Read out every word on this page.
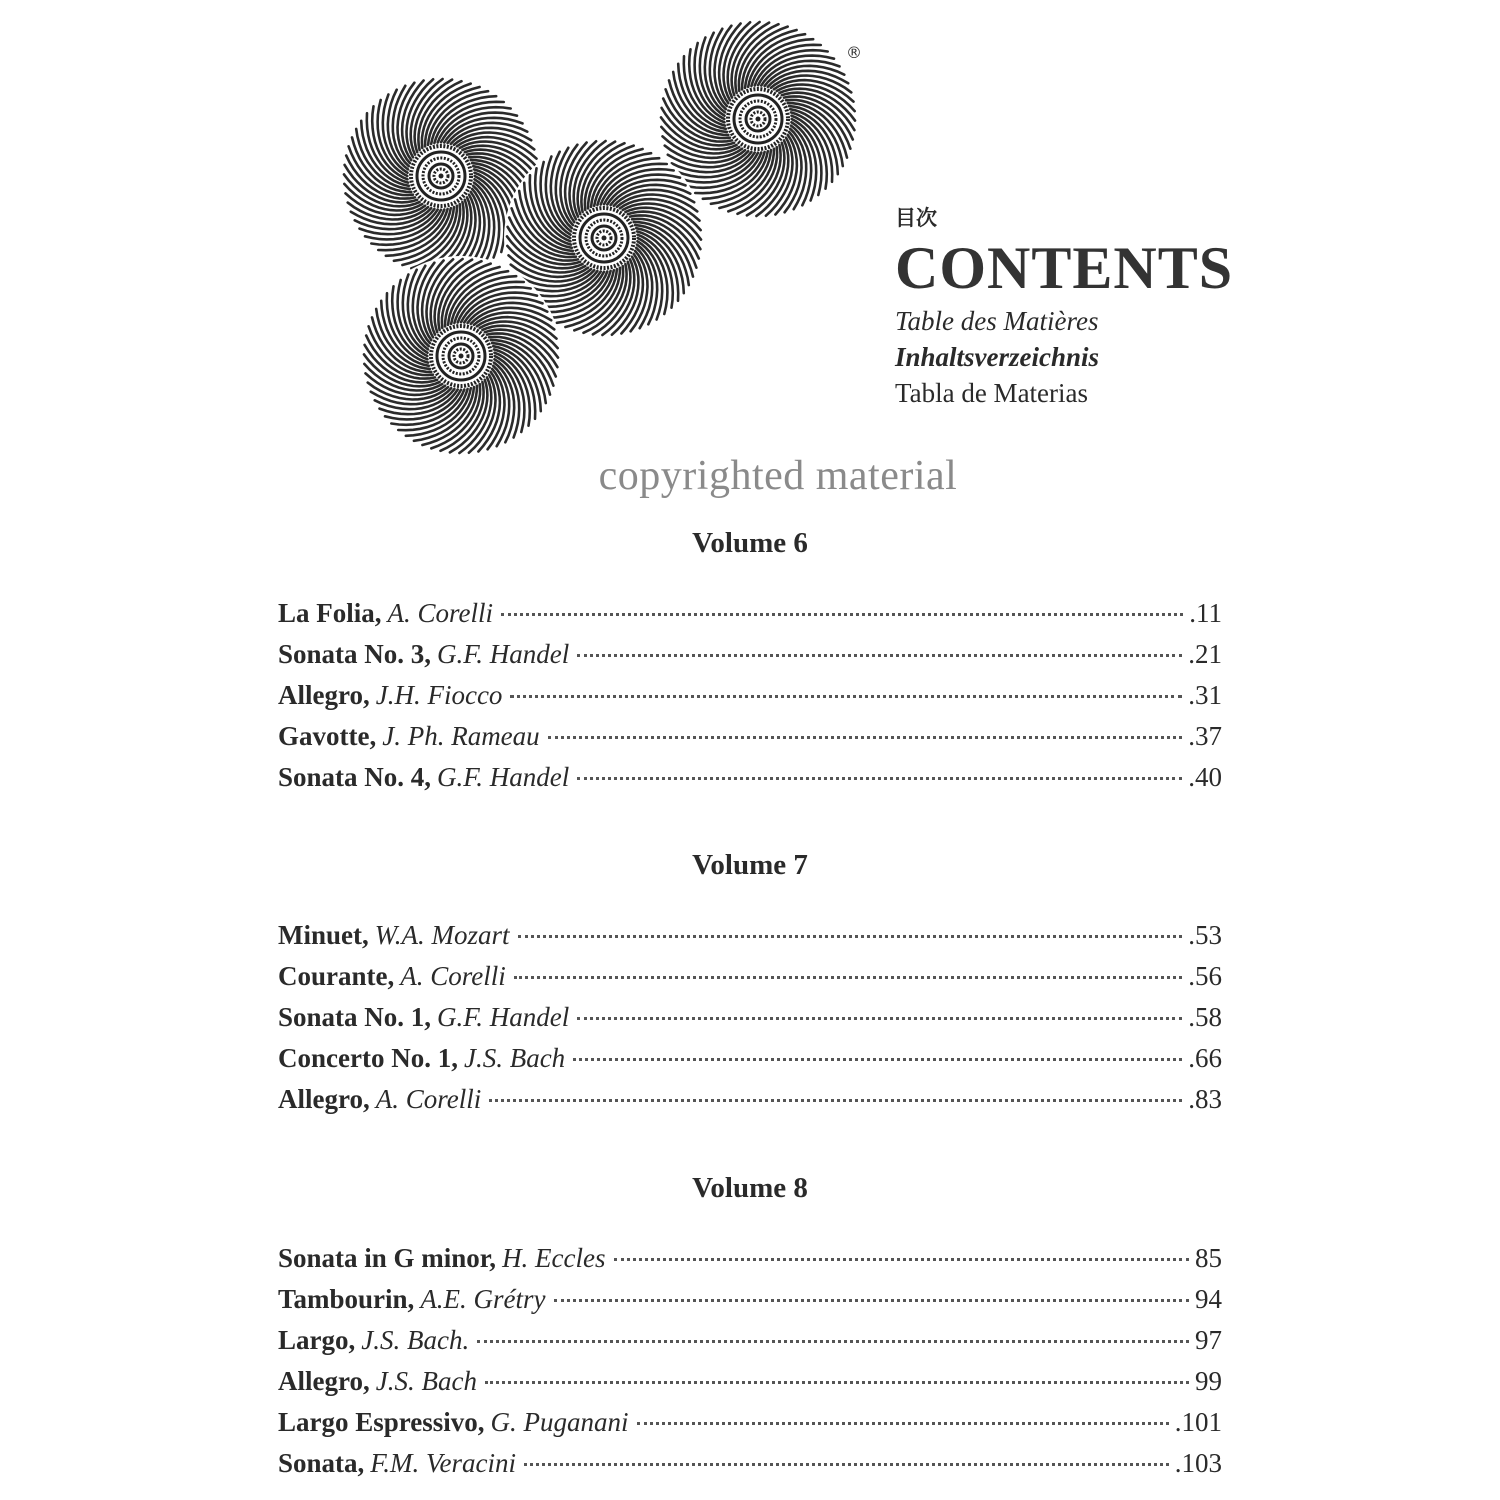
®
目次
CONTENTS
Table des Matières
Inhaltsverzeichnis
Tabla de Materias
copyrighted material
Volume 6
La Folia, A. Corelli	.11
Sonata No. 3, G.F. Handel	.21
Allegro, J.H. Fiocco	.31
Gavotte, J. Ph. Rameau	.37
Sonata No. 4, G.F. Handel	.40
Volume 7
Minuet, W.A. Mozart	.53
Courante, A. Corelli	.56
Sonata No. 1, G.F. Handel	.58
Concerto No. 1, J.S. Bach	.66
Allegro, A. Corelli	.83
Volume 8
Sonata in G minor, H. Eccles	85
Tambourin, A.E. Grétry	94
Largo, J.S. Bach.	97
Allegro, J.S. Bach	99
Largo Espressivo, G. Puganani	.101
Sonata, F.M. Veracini	.103
